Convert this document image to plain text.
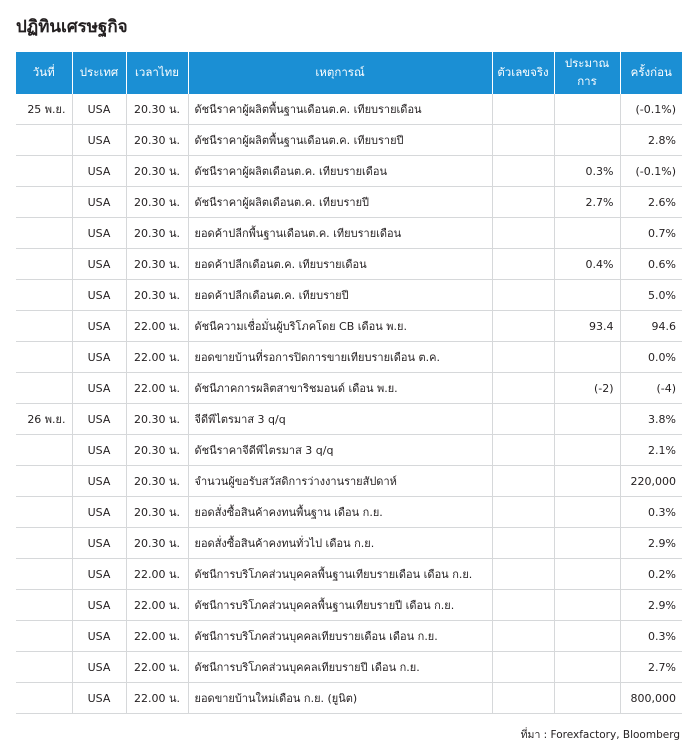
ปฏิทินเศรษฐกิจ
วันที่	ประเทศ	เวลาไทย	เหตุการณ์	ตัวเลขจริง	ประมาณการ	ครั้งก่อน
25 พ.ย.	USA	20.30 น.	ดัชนีราคาผู้ผลิตพื้นฐานเดือนต.ค. เทียบรายเดือน			(-0.1%)
	USA	20.30 น.	ดัชนีราคาผู้ผลิตพื้นฐานเดือนต.ค. เทียบรายปี			2.8%
	USA	20.30 น.	ดัชนีราคาผู้ผลิตเดือนต.ค. เทียบรายเดือน		0.3%	(-0.1%)
	USA	20.30 น.	ดัชนีราคาผู้ผลิตเดือนต.ค. เทียบรายปี		2.7%	2.6%
	USA	20.30 น.	ยอดค้าปลีกพื้นฐานเดือนต.ค. เทียบรายเดือน			0.7%
	USA	20.30 น.	ยอดค้าปลีกเดือนต.ค. เทียบรายเดือน		0.4%	0.6%
	USA	20.30 น.	ยอดค้าปลีกเดือนต.ค. เทียบรายปี			5.0%
	USA	22.00 น.	ดัชนีความเชื่อมั่นผู้บริโภคโดย CB เดือน พ.ย.		93.4	94.6
	USA	22.00 น.	ยอดขายบ้านที่รอการปิดการขายเทียบรายเดือน ต.ค.			0.0%
	USA	22.00 น.	ดัชนีภาคการผลิตสาขาริชมอนด์ เดือน พ.ย.		(-2)	(-4)
26 พ.ย.	USA	20.30 น.	จีดีพีไตรมาส 3 q/q			3.8%
	USA	20.30 น.	ดัชนีราคาจีดีพีไตรมาส 3 q/q			2.1%
	USA	20.30 น.	จำนวนผู้ขอรับสวัสดิการว่างงานรายสัปดาห์			220,000
	USA	20.30 น.	ยอดสั่งซื้อสินค้าคงทนพื้นฐาน เดือน ก.ย.			0.3%
	USA	20.30 น.	ยอดสั่งซื้อสินค้าคงทนทั่วไป เดือน ก.ย.			2.9%
	USA	22.00 น.	ดัชนีการบริโภคส่วนบุคคลพื้นฐานเทียบรายเดือน เดือน ก.ย.			0.2%
	USA	22.00 น.	ดัชนีการบริโภคส่วนบุคคลพื้นฐานเทียบรายปี เดือน ก.ย.			2.9%
	USA	22.00 น.	ดัชนีการบริโภคส่วนบุคคลเทียบรายเดือน เดือน ก.ย.			0.3%
	USA	22.00 น.	ดัชนีการบริโภคส่วนบุคคลเทียบรายปี เดือน ก.ย.			2.7%
	USA	22.00 น.	ยอดขายบ้านใหม่เดือน ก.ย. (ยูนิต)			800,000
ที่มา : Forexfactory, Bloomberg
